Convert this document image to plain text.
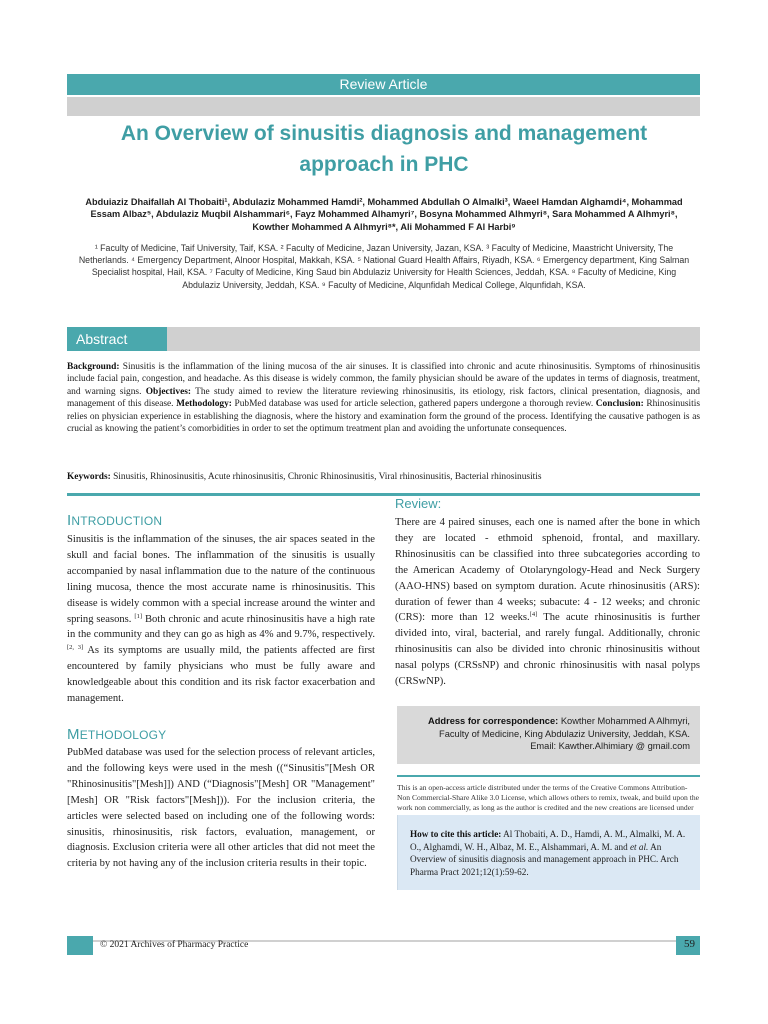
Review Article
An Overview of sinusitis diagnosis and management approach in PHC
Abduiaziz Dhaifallah Al Thobaiti¹, Abdulaziz Mohammed Hamdi², Mohammed Abdullah O Almalki³, Waeel Hamdan Alghamdi⁴, Mohammad Essam Albaz⁵, Abdulaziz Muqbil Alshammari⁶, Fayz Mohammed Alhamyri⁷, Bosyna Mohammed Alhmyri⁸, Sara Mohammed A Alhmyri⁸, Kowther Mohammed A Alhmyri⁸*, Ali Mohammed F Al Harbi⁹
¹ Faculty of Medicine, Taif University, Taif, KSA. ² Faculty of Medicine, Jazan University, Jazan, KSA. ³ Faculty of Medicine, Maastricht University, The Netherlands. ⁴ Emergency Department, Alnoor Hospital, Makkah, KSA. ⁵ National Guard Health Affairs, Riyadh, KSA. ⁶ Emergency department, King Salman Specialist hospital, Hail, KSA. ⁷ Faculty of Medicine, King Saud bin Abdulaziz University for Health Sciences, Jeddah, KSA. ⁸ Faculty of Medicine, King Abdulaziz University, Jeddah, KSA. ⁹ Faculty of Medicine, Alqunfidah Medical College, Alqunfidah, KSA.
Abstract
Background: Sinusitis is the inflammation of the lining mucosa of the air sinuses. It is classified into chronic and acute rhinosinusitis. Symptoms of rhinosinusitis include facial pain, congestion, and headache. As this disease is widely common, the family physician should be aware of the updates in terms of diagnosis, treatment, and warning signs. Objectives: The study aimed to review the literature reviewing rhinosinusitis, its etiology, risk factors, clinical presentation, diagnosis, and management of this disease. Methodology: PubMed database was used for article selection, gathered papers undergone a thorough review. Conclusion: Rhinosinusitis relies on physician experience in establishing the diagnosis, where the history and examination form the ground of the process. Identifying the causative pathogen is as crucial as knowing the patient’s comorbidities in order to set the optimum treatment plan and avoiding the unfortunate consequences.
Keywords: Sinusitis, Rhinosinusitis, Acute rhinosinusitis, Chronic Rhinosinusitis, Viral rhinosinusitis, Bacterial rhinosinusitis
INTRODUCTION
Sinusitis is the inflammation of the sinuses, the air spaces seated in the skull and facial bones. The inflammation of the sinusitis is usually accompanied by nasal inflammation due to the nature of the continuous lining mucosa, thence the most accurate name is rhinosinusitis. This disease is widely common with a special increase around the winter and spring seasons. [1] Both chronic and acute rhinosinusitis have a high rate in the community and they can go as high as 4% and 9.7%, respectively. [2, 3] As its symptoms are usually mild, the patients affected are first encountered by family physicians who must be fully aware and knowledgeable about this condition and its risk factor exacerbation and management.
METHODOLOGY
PubMed database was used for the selection process of relevant articles, and the following keys were used in the mesh ((“Sinusitis"[Mesh OR "Rhinosinusitis"[Mesh]]) AND (“Diagnosis"[Mesh] OR "Management"[Mesh] OR "Risk factors"[Mesh])). For the inclusion criteria, the articles were selected based on including one of the following words: sinusitis, rhinosinusitis, risk factors, evaluation, management, or diagnosis. Exclusion criteria were all other articles that did not meet the criteria by not having any of the inclusion criteria results in their topic.
Review:
There are 4 paired sinuses, each one is named after the bone in which they are located - ethmoid sphenoid, frontal, and maxillary. Rhinosinusitis can be classified into three subcategories according to the American Academy of Otolaryngology-Head and Neck Surgery (AAO-HNS) based on symptom duration. Acute rhinosinusitis (ARS): duration of fewer than 4 weeks; subacute: 4 - 12 weeks; and chronic (CRS): more than 12 weeks.[4] The acute rhinosinusitis is further divided into, viral, bacterial, and rarely fungal. Additionally, chronic rhinosinusitis can also be divided into chronic rhinosinusitis without nasal polyps (CRSsNP) and chronic rhinosinusitis with nasal polyps (CRSwNP).
Address for correspondence: Kowther Mohammed A Alhmyri,
Faculty of Medicine, King Abdulaziz University, Jeddah, KSA.
Email: Kawther.Alhimiary @ gmail.com
This is an open-access article distributed under the terms of the Creative Commons Attribution-Non Commercial-Share Alike 3.0 License, which allows others to remix, tweak, and build upon the work non commercially, as long as the author is credited and the new creations are licensed under
How to cite this article: Al Thobaiti, A. D., Hamdi, A. M., Almalki, M. A. O., Alghamdi, W. H., Albaz, M. E., Alshammari, A. M. and et al. An Overview of sinusitis diagnosis and management approach in PHC. Arch Pharma Pract 2021;12(1):59-62.
© 2021 Archives of Pharmacy Practice	59
